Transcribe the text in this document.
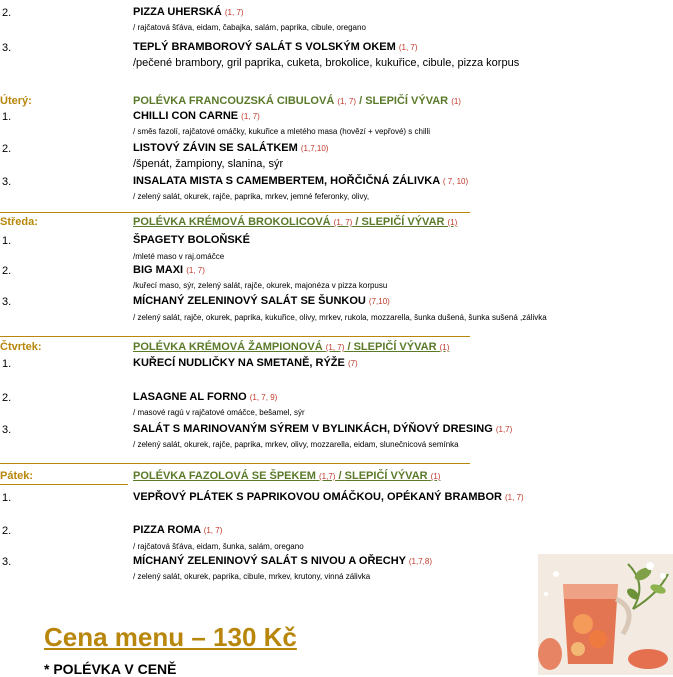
2.	PIZZA UHERSKÁ (1, 7)
/ rajčatová šťáva, eidam, čabajka, salám, paprika, cibule, oregano
3.	TEPLÝ BRAMBOROVÝ SALÁT S VOLSKÝM OKEM (1, 7)
/pečené brambory, gril paprika, cuketa, brokolice, kukuřice, cibule, pizza korpus
Úterý:	POLÉVKA FRANCOUZSKÁ CIBULOVÁ (1, 7) / SLEPIČÍ VÝVAR (1)
1.	CHILLI CON CARNE (1, 7)
/ směs fazolí, rajčatové omáčky, kukuřice a mletého masa (hovězí + vepřové) s chilli
2.	LISTOVÝ ZÁVIN SE SALÁTKEM (1,7,10)
/špenát, žampiony, slanina, sýr
3.	INSALATA MISTA S CAMEMBERTEM, HOŘČIČNÁ ZÁLIVKA ( 7, 10)
/ zelený salát, okurek, rajče, paprika, mrkev, jemné feferonky, olivy,
Středa:	POLÉVKA KRÉMOVÁ BROKOLICOVÁ (1, 7) / SLEPIČÍ VÝVAR (1)
1.	ŠPAGETY BOLOŇSKÉ
/mleté maso v raj.omáčce
2.	BIG MAXI (1, 7)
/kuřecí maso, sýr, zelený salát, rajče, okurek, majonéza v pizza korpusu
3.	MÍCHANÝ ZELENINOVÝ SALÁT SE ŠUNKOU (7,10)
/ zelený salát, rajče, okurek, paprika, kukuřice, olivy, mrkev, rukola, mozzarella, šunka dušená, šunka sušená ,zálivka
Čtvrtek:	POLÉVKA KRÉMOVÁ ŽAMPIONOVÁ (1, 7) / SLEPIČÍ VÝVAR (1)
1.	KUŘECÍ NUDLIČKY NA SMETANĚ, RÝŽE (7)
2.	LASAGNE AL FORNO (1, 7, 9)
/ masové ragú v rajčatové omáčce, bešamel, sýr
3.	SALÁT S MARINOVANÝM SÝREM V BYLINKÁCH, DÝŇOVÝ DRESING (1,7)
/ zelený salát, okurek, rajče, paprika, mrkev, olivy, mozzarella, eidam, slunečnicová semínka
Pátek:	POLÉVKA FAZOLOVÁ SE ŠPEKEM (1,7) / SLEPIČÍ VÝVAR (1)
1.	VEPŘOVÝ PLÁTEK S PAPRIKOVOU OMÁČKOU, OPÉKANÝ BRAMBOR (1, 7)
2.	PIZZA ROMA (1, 7)
/ rajčatová šťáva, eidam, šunka, salám, oregano
3.	MÍCHANÝ ZELENINOVÝ SALÁT S NIVOU A OŘECHY (1,7,8)
/ zelený salát, okurek, paprika, cibule, mrkev, krutony, vinná zálivka
Cena menu – 130 Kč
* POLÉVKA V CENĚ
